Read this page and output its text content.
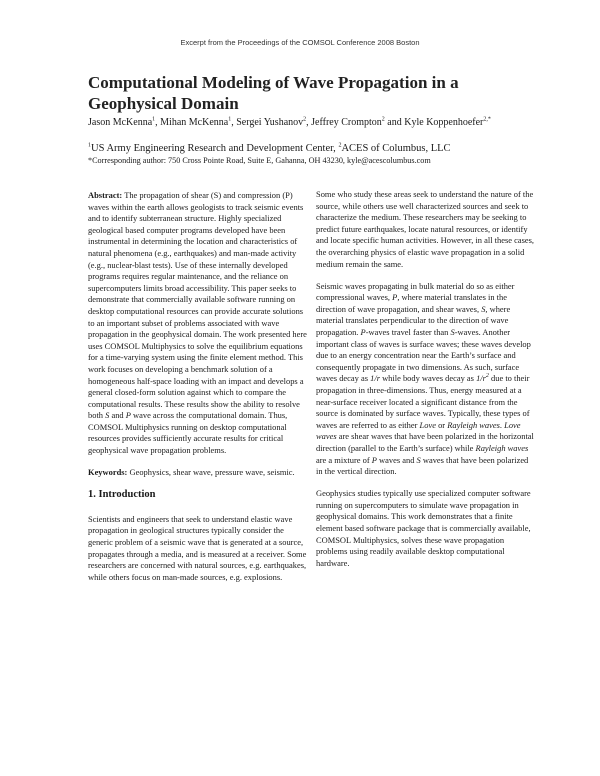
Excerpt from the Proceedings of the COMSOL Conference 2008 Boston
Computational Modeling of Wave Propagation in a Geophysical Domain
Jason McKenna$^1$, Mihan McKenna$^1$, Sergei Yushanov$^2$, Jeffrey Crompton$^2$ and Kyle Koppenhoefer$^{2,*}$
$^1$US Army Engineering Research and Development Center, $^2$ACES of Columbus, LLC
*Corresponding author: 750 Cross Pointe Road, Suite E, Gahanna, OH 43230, kyle@acescolumbus.com

Abstract: The propagation of shear (S) and compression (P) waves within the earth allows geologists to track seismic events and to identify subterranean structure. Highly specialized geological based computer programs developed have been instrumental in determining the location and characteristics of natural phenomena (e.g., earthquakes) and man-made activity (e.g., nuclear-blast tests). Use of these internally developed programs requires regular maintenance, and the reliance on supercomputers limits broad accessibility. This paper seeks to demonstrate that commercially available software running on desktop computational resources can provide accurate solutions to an important subset of problems associated with wave propagation in the geophysical domain. The work presented here uses COMSOL Multiphysics to solve the equilibrium equations for a time-varying system using the finite element method. This work focuses on developing a benchmark solution of a homogeneous half-space loading with an impact and develops a general closed-form solution against which to compare the computational results. These results show the ability to resolve both S and P wave across the computational domain. Thus, COMSOL Multiphysics running on desktop computational resources provides sufficiently accurate results for critical geophysical wave propagation problems.

Keywords: Geophysics, shear wave, pressure wave, seismic.

1. Introduction

Scientists and engineers that seek to understand elastic wave propagation in geological structures typically consider the generic problem of a seismic wave that is generated at a source, propagates through a media, and is measured at a receiver. Some researchers are concerned with natural sources, e.g. earthquakes, while others focus on man-made sources, e.g. explosions.

Some who study these areas seek to understand the nature of the source, while others use well characterized sources and seek to characterize the medium. These researchers may be seeking to predict future earthquakes, locate natural resources, or identify and locate specific human activities. However, in all these cases, the overarching physics of elastic wave propagation in a solid medium remain the same.

Seismic waves propagating in bulk material do so as either compressional waves, P, where material translates in the direction of wave propagation, and shear waves, S, where material translates perpendicular to the direction of wave propagation. P-waves travel faster than S-waves. Another important class of waves is surface waves; these waves develop due to an energy concentration near the Earth’s surface and consequently propagate in two dimensions. As such, surface waves decay as 1/r while body waves decay as $1/r^2$ due to their propagation in three-dimensions. Thus, energy measured at a near-surface receiver located a significant distance from the source is dominated by surface waves. Typically, these types of waves are referred to as either Love or Rayleigh waves. Love waves are shear waves that have been polarized in the horizontal direction (parallel to the Earth’s surface) while Rayleigh waves are a mixture of P waves and S waves that have been polarized in the vertical direction.

Geophysics studies typically use specialized computer software running on supercomputers to simulate wave propagation in geophysical domains. This work demonstrates that a finite element based software package that is commercially available, COMSOL Multiphysics, solves these wave propagation problems using readily available desktop computational hardware.
